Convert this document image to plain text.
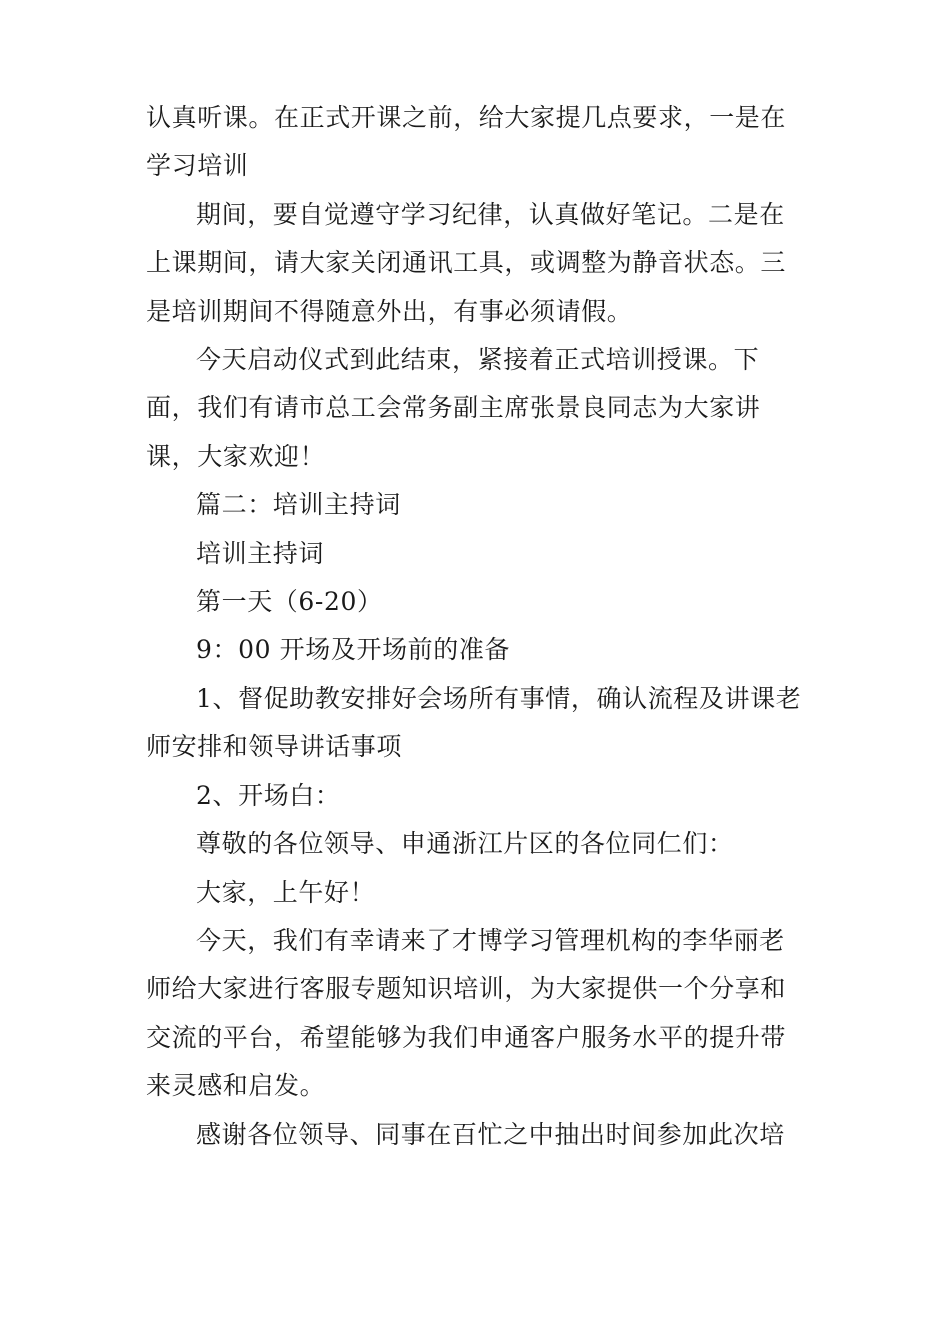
认真听课。在正式开课之前，给大家提几点要求，一是在学习培训

期间，要自觉遵守学习纪律，认真做好笔记。二是在上课期间，请大家关闭通讯工具，或调整为静音状态。三是培训期间不得随意外出，有事必须请假。

今天启动仪式到此结束，紧接着正式培训授课。下面，我们有请市总工会常务副主席张景良同志为大家讲课，大家欢迎！

篇二：培训主持词

培训主持词

第一天（6-20）

9：00 开场及开场前的准备

1、督促助教安排好会场所有事情，确认流程及讲课老师安排和领导讲话事项

2、开场白：

尊敬的各位领导、申通浙江片区的各位同仁们：

大家，上午好！

今天，我们有幸请来了才博学习管理机构的李华丽老师给大家进行客服专题知识培训，为大家提供一个分享和交流的平台，希望能够为我们申通客户服务水平的提升带来灵感和启发。

感谢各位领导、同事在百忙之中抽出时间参加此次培
